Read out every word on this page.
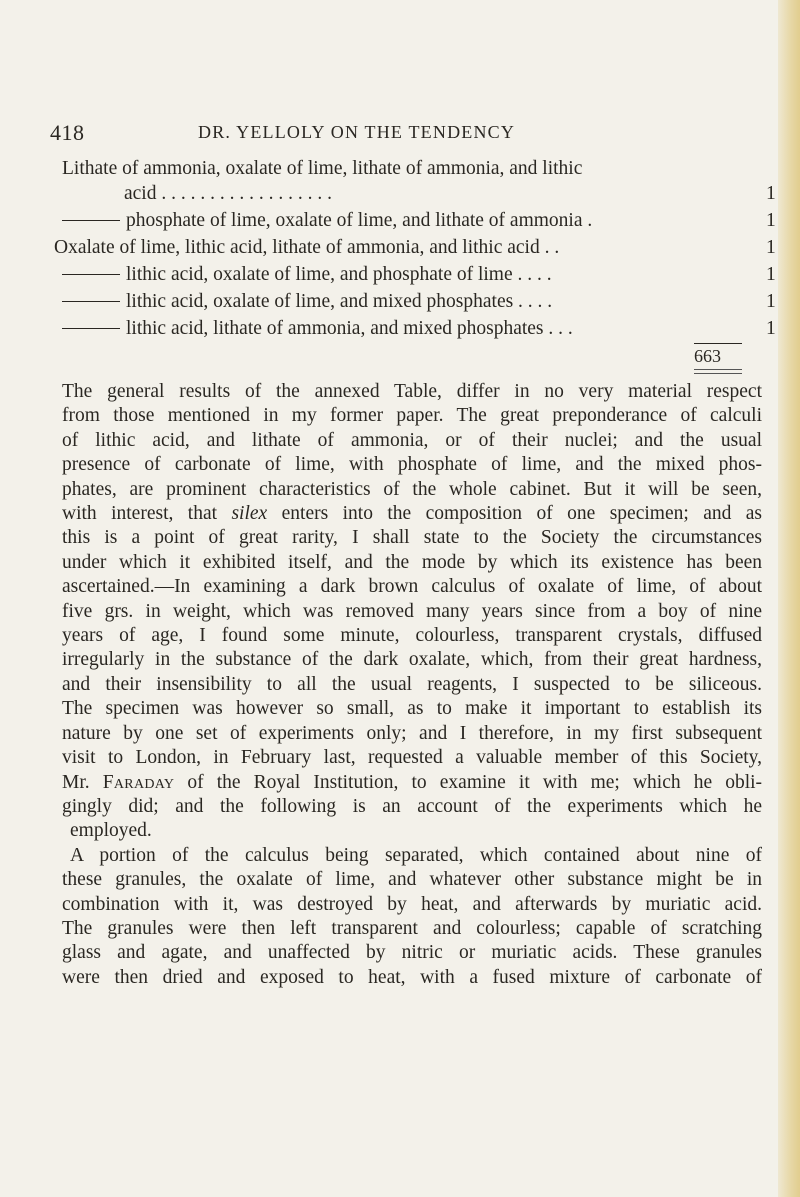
418	DR. YELLOLY ON THE TENDENCY
Lithate of ammonia, oxalate of lime, lithate of ammonia, and lithic
acid . . . . . . . . . . . . . . . . . .	1
phosphate of lime, oxalate of lime, and lithate of ammonia .	1
Oxalate of lime, lithic acid, lithate of ammonia, and lithic acid . .	1
lithic acid, oxalate of lime, and phosphate of lime . . . .	1
lithic acid, oxalate of lime, and mixed phosphates . . . .	1
lithic acid, lithate of ammonia, and mixed phosphates . . .	1
663
The general results of the annexed Table, differ in no very material respect
from those mentioned in my former paper. The great preponderance of calculi
of lithic acid, and lithate of ammonia, or of their nuclei; and the usual
presence of carbonate of lime, with phosphate of lime, and the mixed phos-
phates, are prominent characteristics of the whole cabinet. But it will be seen,
with interest, that silex enters into the composition of one specimen; and as
this is a point of great rarity, I shall state to the Society the circumstances
under which it exhibited itself, and the mode by which its existence has been
ascertained.—In examining a dark brown calculus of oxalate of lime, of about
five grs. in weight, which was removed many years since from a boy of nine
years of age, I found some minute, colourless, transparent crystals, diffused
irregularly in the substance of the dark oxalate, which, from their great hardness,
and their insensibility to all the usual reagents, I suspected to be siliceous.
The specimen was however so small, as to make it important to establish its
nature by one set of experiments only; and I therefore, in my first subsequent
visit to London, in February last, requested a valuable member of this Society,
Mr. Faraday of the Royal Institution, to examine it with me; which he obli-
gingly did; and the following is an account of the experiments which he
employed.
A portion of the calculus being separated, which contained about nine of
these granules, the oxalate of lime, and whatever other substance might be in
combination with it, was destroyed by heat, and afterwards by muriatic acid.
The granules were then left transparent and colourless; capable of scratching
glass and agate, and unaffected by nitric or muriatic acids. These granules
were then dried and exposed to heat, with a fused mixture of carbonate of
